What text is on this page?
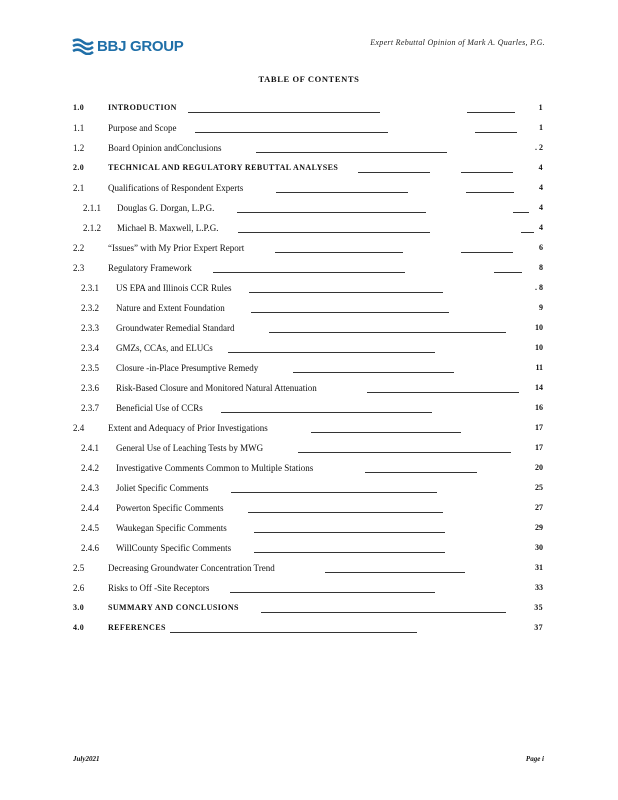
BBJ GROUP	Expert Rebuttal Opinion of Mark A. Quarles, P.G.
TABLE OF CONTENTS
1.0	INTRODUCTION	1
1.1	Purpose and Scope	1
1.2	Board Opinion andConclusions	. 2
2.0	TECHNICAL AND REGULATORY REBUTTAL ANALYSES	4
2.1	Qualifications of Respondent Experts	4
2.1.1 Douglas G. Dorgan, L.P.G.	4
2.1.2 Michael B. Maxwell, L.P.G.	4
2.2	“Issues” with My Prior Expert Report	6
2.3	Regulatory Framework	8
2.3.1 US EPA and Illinois CCR Rules	. 8
2.3.2 Nature and Extent Foundation	9
2.3.3 Groundwater Remedial Standard	10
2.3.4 GMZs, CCAs, and ELUCs	10
2.3.5 Closure -in-Place Presumptive Remedy	11
2.3.6 Risk-Based Closure and Monitored Natural Attenuation	14
2.3.7 Beneficial Use of CCRs	16
2.4	Extent and Adequacy of Prior Investigations	17
2.4.1 General Use of Leaching Tests by MWG	17
2.4.2 Investigative Comments Common to Multiple Stations	20
2.4.3 Joliet Specific Comments	25
2.4.4 Powerton Specific Comments	27
2.4.5 Waukegan Specific Comments	29
2.4.6 WillCounty Specific Comments	30
2.5	Decreasing Groundwater Concentration Trend	31
2.6	Risks to Off -Site Receptors	33
3.0	SUMMARY AND CONCLUSIONS	35
4.0	REFERENCES	37
July2021	Page i
